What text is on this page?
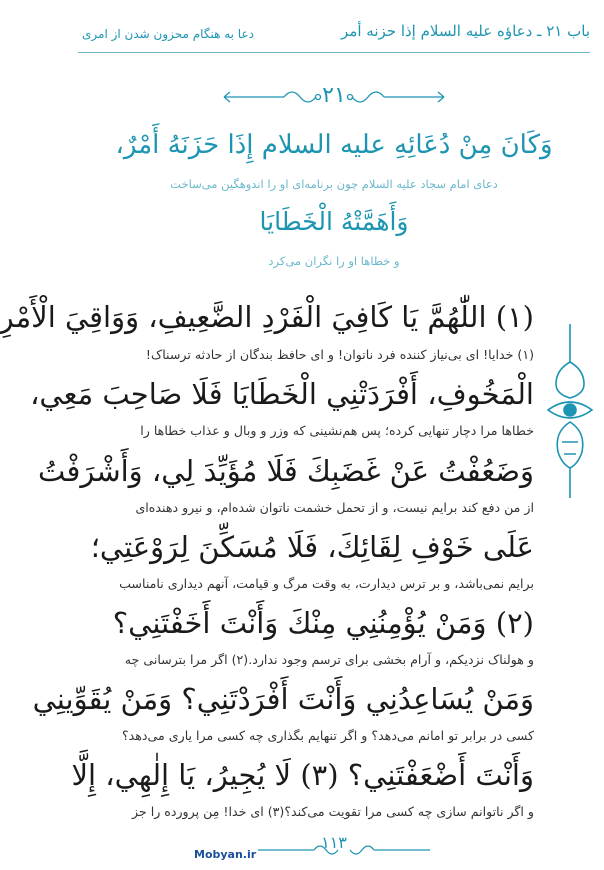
باب ۲۱ ـ دعاؤه عليه السلام إذا حزنه أمر
دعا به هنگام محزون شدن از امری
۲۱
وَكَانَ مِنْ دُعَائِهِ عليه السلام إِذَا حَزَنَهُ أَمْرٌ،
دعای امام سجاد علیه السلام چون برنامه‌ای او را اندوهگین می‌ساخت
وَأَهَمَّتْهُ الْخَطَايَا
و خطاها او را نگران می‌کرد
(۱) اللّٰهُمَّ يَا كَافِيَ الْفَرْدِ الضَّعِيفِ، وَوَاقِيَ الْأَمْرِ
(۱) خدایا! ای بی‌نیاز کننده فرد ناتوان! و ای حافظ بندگان از حادثه ترسناک!
الْمَخُوفِ، أَفْرَدَتْنِي الْخَطَايَا فَلَا صَاحِبَ مَعِي،
خطاها مرا دچار تنهایی کرده؛ پس هم‌نشینی که وزر و وبال و عذاب خطاها را
وَضَعُفْتُ عَنْ غَضَبِكَ فَلَا مُؤَيِّدَ لِي، وَأَشْرَفْتُ
از من دفع کند برایم نیست، و از تحمل خشمت ناتوان شده‌ام، و نیرو دهنده‌ای
عَلَى خَوْفِ لِقَائِكَ، فَلَا مُسَكِّنَ لِرَوْعَتِي؛
برایم نمی‌باشد، و بر ترس دیدارت، به وقت مرگ و قیامت، آنهم دیداری نامناسب
(۲) وَمَنْ يُؤْمِنُنِي مِنْكَ وَأَنْتَ أَخَفْتَنِي؟
و هولناک نزدیکم، و آرام بخشی برای ترسم وجود ندارد.(۲) اگر مرا بترسانی چه
وَمَنْ يُسَاعِدُنِي وَأَنْتَ أَفْرَدْتَنِي؟ وَمَنْ يُقَوِّينِي
کسی در برابر تو امانم می‌دهد؟ و اگر تنهایم بگذاری چه کسی مرا یاری می‌دهد؟
وَأَنْتَ أَضْعَفْتَنِي؟ (۳) لَا يُجِيرُ، يَا إِلٰهِي، إِلَّا
و اگر ناتوانم سازی چه کسی مرا تقویت می‌کند؟(۳) ای خدا! مِن پرورده را جز
۱۱۳
Mobyan.ir
